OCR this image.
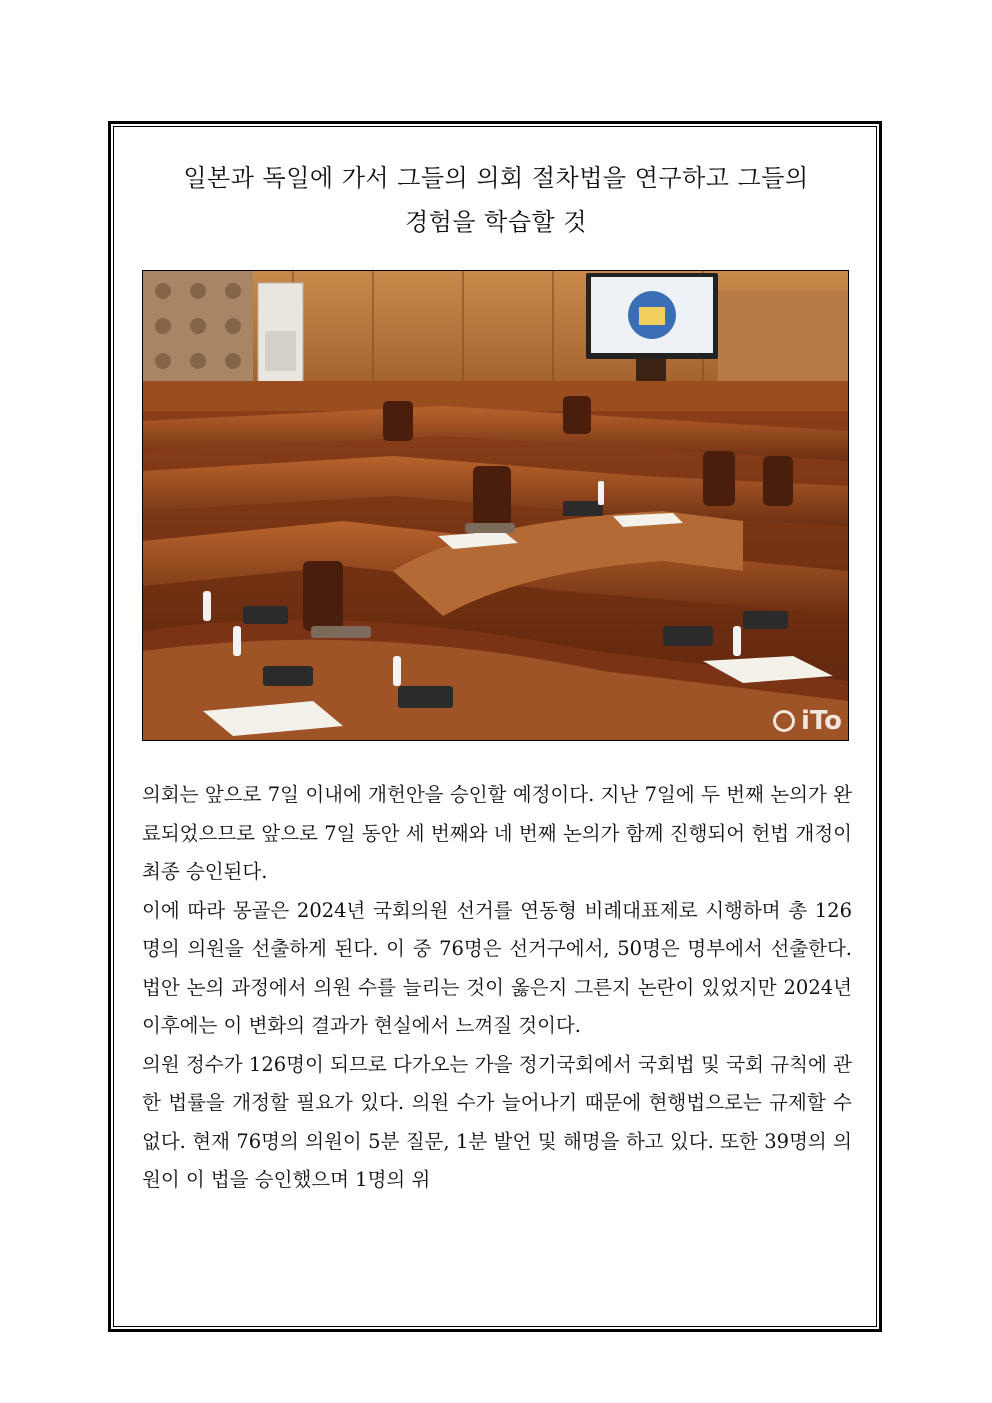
일본과 독일에 가서 그들의 의회 절차법을 연구하고 그들의
경험을 학습할 것
iTo

의회는 앞으로 7일 이내에 개헌안을 승인할 예정이다. 지난 7일에 두 번째 논의가 완료되었으므로 앞으로 7일 동안 세 번째와 네 번째 논의가 함께 진행되어 헌법 개정이 최종 승인된다.

이에 따라 몽골은 2024년 국회의원 선거를 연동형 비례대표제로 시행하며 총 126명의 의원을 선출하게 된다. 이 중 76명은 선거구에서, 50명은 명부에서 선출한다. 법안 논의 과정에서 의원 수를 늘리는 것이 옳은지 그른지 논란이 있었지만 2024년 이후에는 이 변화의 결과가 현실에서 느껴질 것이다.

의원 정수가 126명이 되므로 다가오는 가을 정기국회에서 국회법 및 국회 규칙에 관한 법률을 개정할 필요가 있다. 의원 수가 늘어나기 때문에 현행법으로는 규제할 수 없다. 현재 76명의 의원이 5분 질문, 1분 발언 및 해명을 하고 있다. 또한 39명의 의원이 이 법을 승인했으며 1명의 위
